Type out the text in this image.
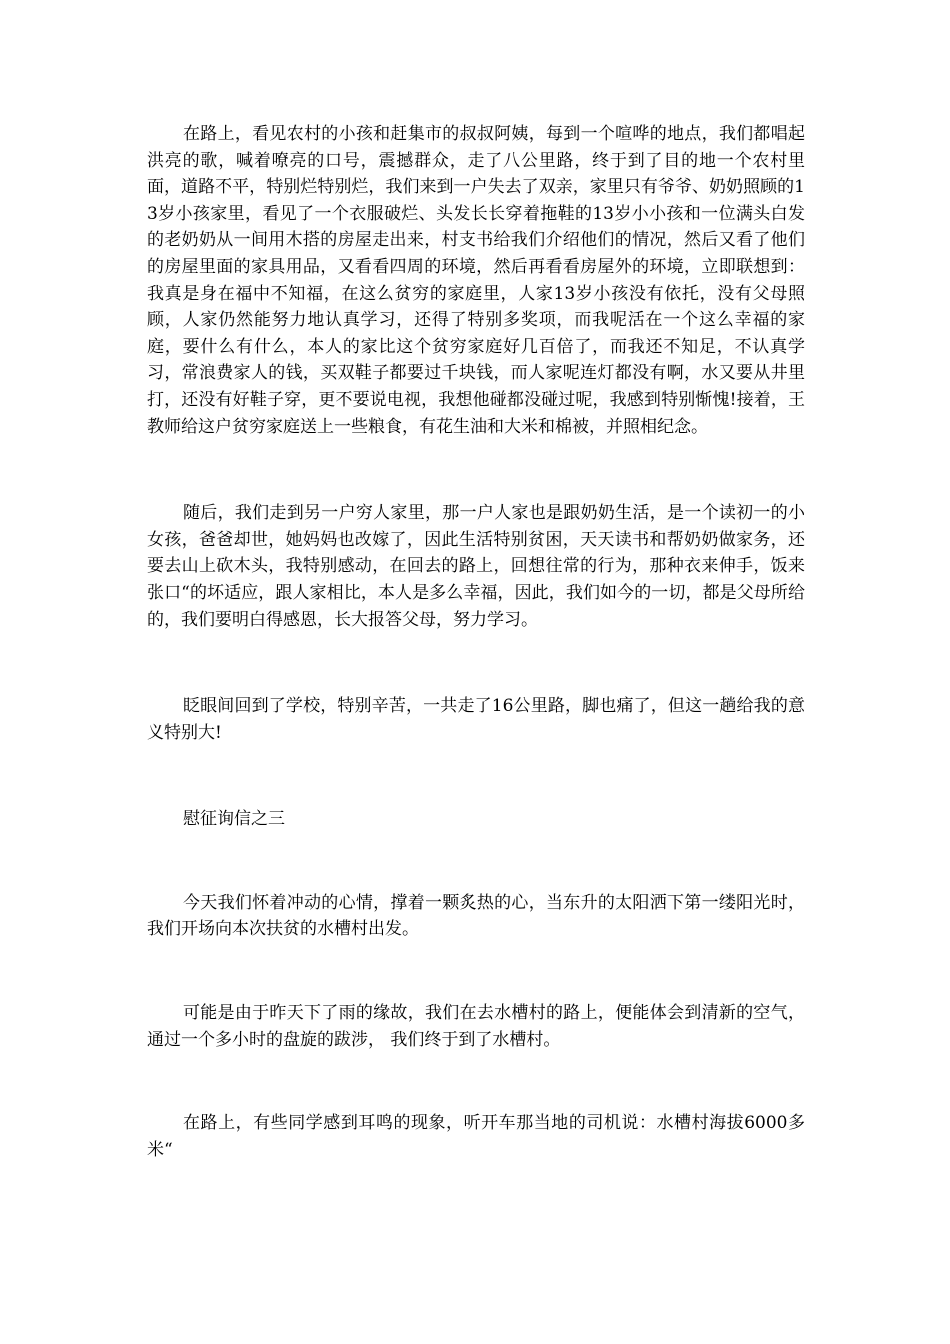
在路上，看见农村的小孩和赶集市的叔叔阿姨，每到一个喧哗的地点，我们都唱起洪亮的歌，喊着嘹亮的口号，震撼群众，走了八公里路，终于到了目的地一个农村里面，道路不平，特别烂特别烂，我们来到一户失去了双亲，家里只有爷爷、奶奶照顾的13岁小孩家里，看见了一个衣服破烂、头发长长穿着拖鞋的13岁小小孩和一位满头白发的老奶奶从一间用木搭的房屋走出来，村支书给我们介绍他们的情况，然后又看了他们的房屋里面的家具用品，又看看四周的环境，然后再看看房屋外的环境，立即联想到：我真是身在福中不知福，在这么贫穷的家庭里，人家13岁小孩没有依托，没有父母照顾，人家仍然能努力地认真学习，还得了特别多奖项，而我呢活在一个这么幸福的家庭，要什么有什么，本人的家比这个贫穷家庭好几百倍了，而我还不知足，不认真学习，常浪费家人的钱，买双鞋子都要过千块钱，而人家呢连灯都没有啊，水又要从井里打，还没有好鞋子穿，更不要说电视，我想他碰都没碰过呢，我感到特别惭愧!接着，王教师给这户贫穷家庭送上一些粮食，有花生油和大米和棉被，并照相纪念。

随后，我们走到另一户穷人家里，那一户人家也是跟奶奶生活，是一个读初一的小女孩，爸爸却世，她妈妈也改嫁了，因此生活特别贫困，天天读书和帮奶奶做家务，还要去山上砍木头，我特别感动，在回去的路上，回想往常的行为，那种衣来伸手，饭来张口“的坏适应，跟人家相比，本人是多么幸福，因此，我们如今的一切，都是父母所给的，我们要明白得感恩，长大报答父母，努力学习。

眨眼间回到了学校，特别辛苦，一共走了16公里路，脚也痛了，但这一趟给我的意义特别大!

慰征询信之三

今天我们怀着冲动的心情，撑着一颗炙热的心，当东升的太阳洒下第一缕阳光时，我们开场向本次扶贫的水槽村出发。

可能是由于昨天下了雨的缘故，我们在去水槽村的路上，便能体会到清新的空气，通过一个多小时的盘旋的跋涉， 我们终于到了水槽村。

在路上，有些同学感到耳鸣的现象，听开车那当地的司机说：水槽村海拔6000多米“
